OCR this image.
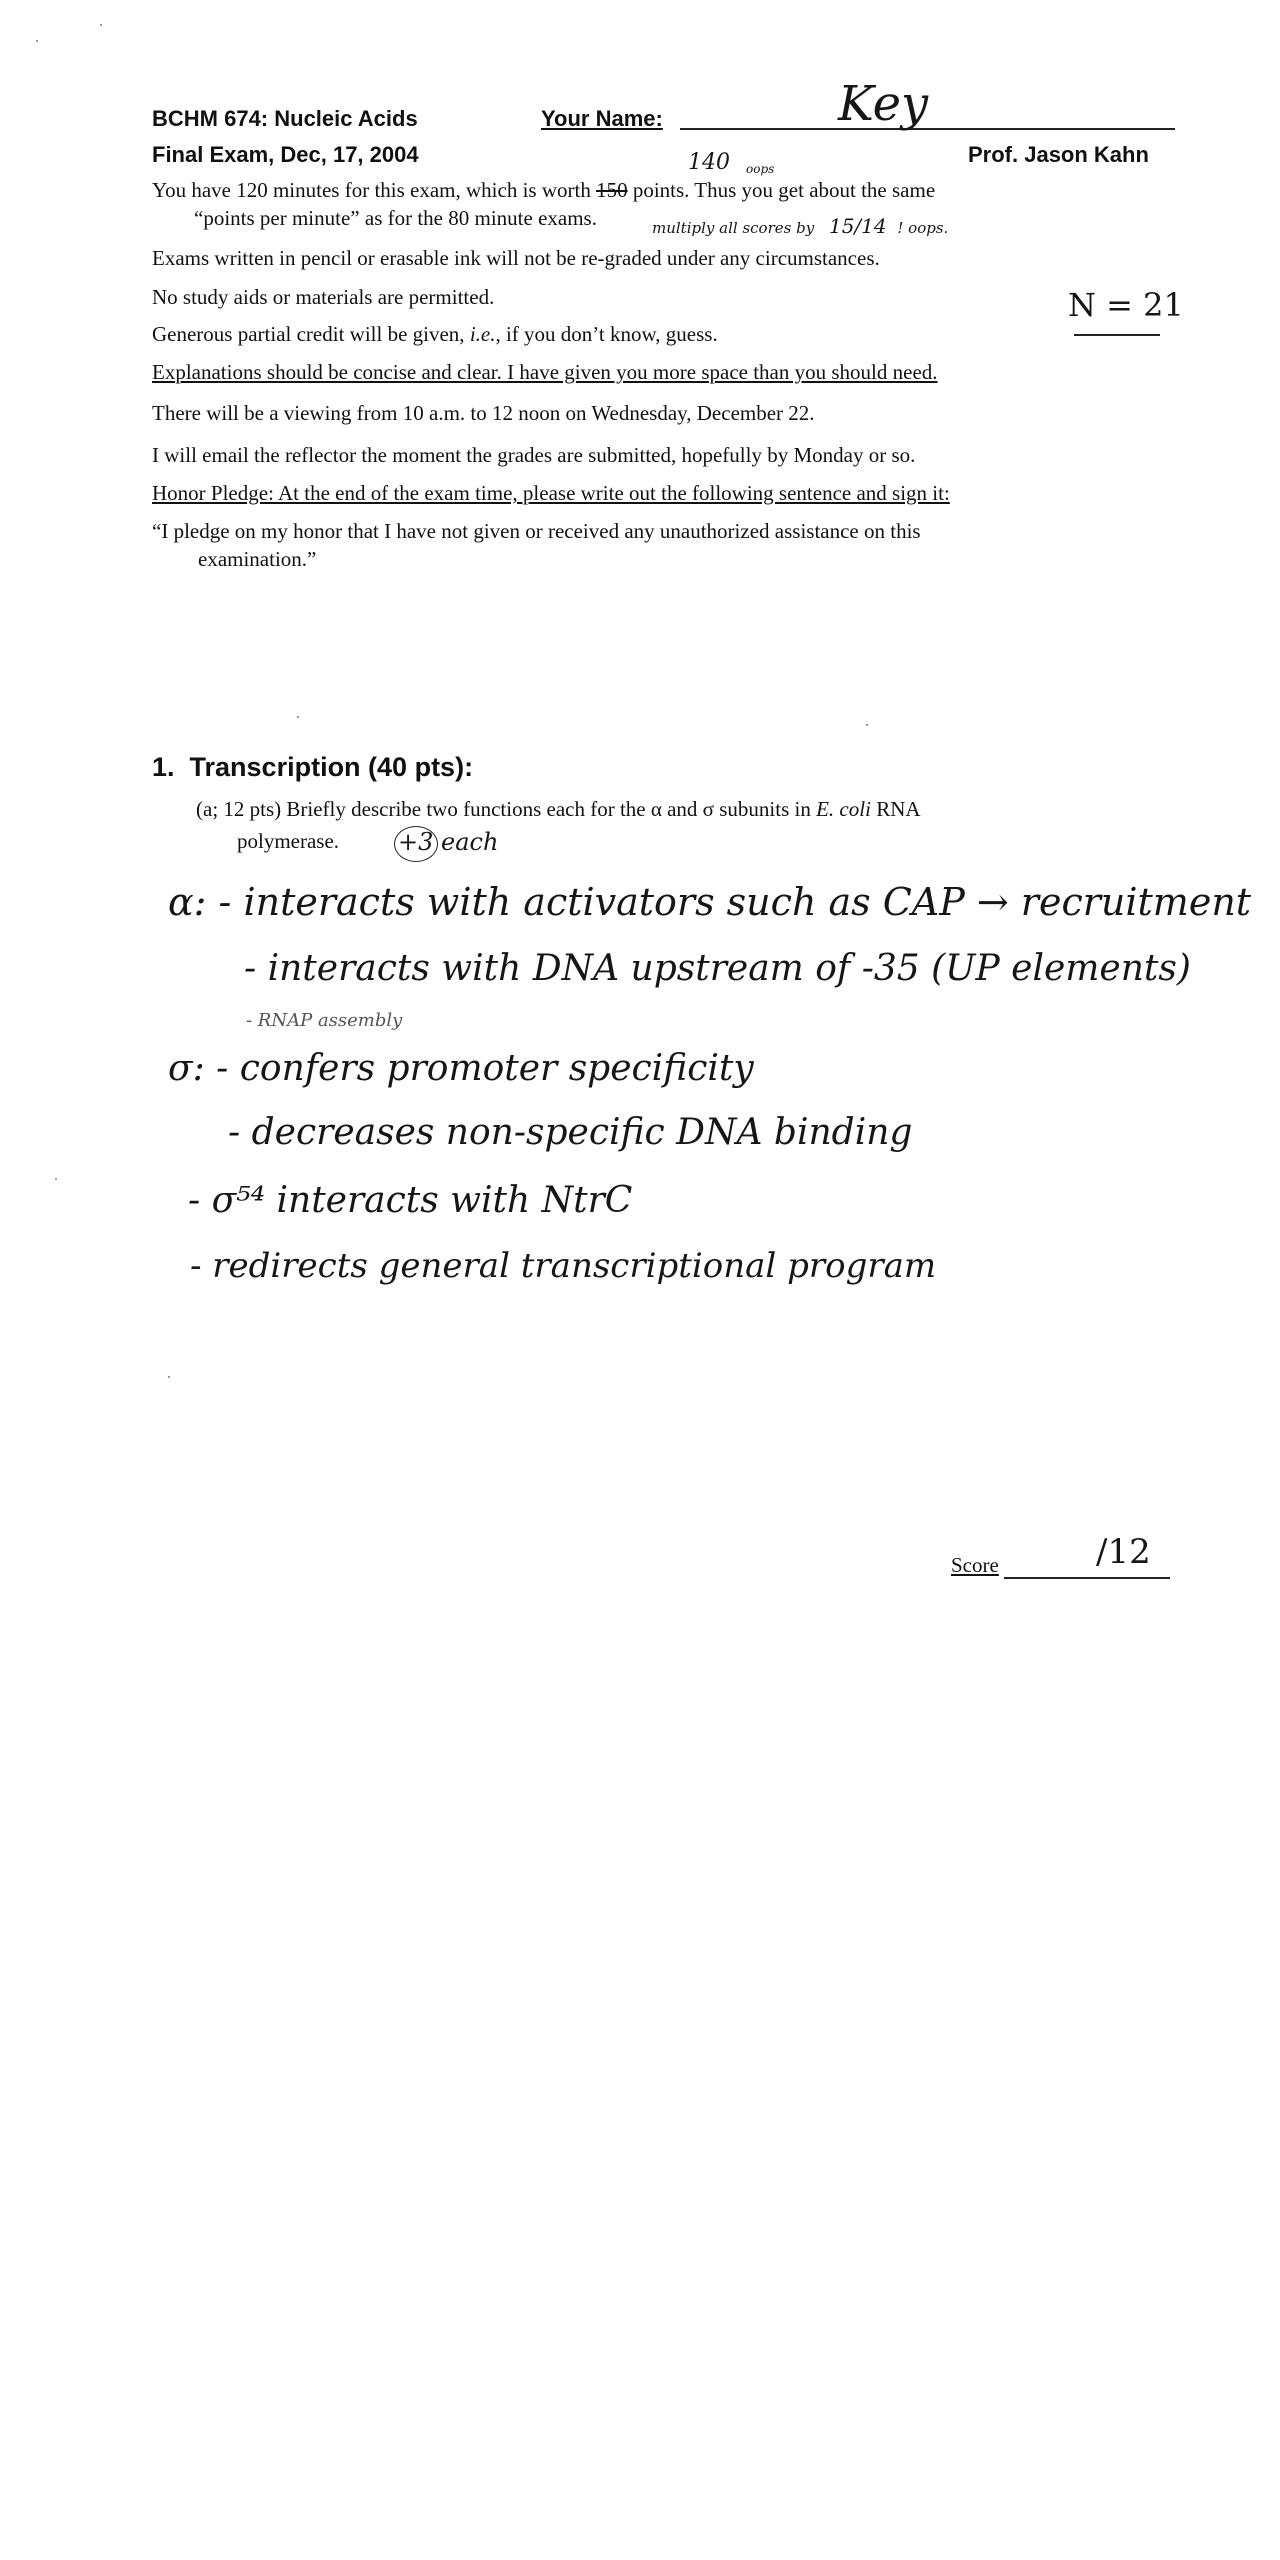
BCHM 674: Nucleic Acids
Final Exam, Dec, 17, 2004
Your Name:	Key
Prof. Jason Kahn
You have 120 minutes for this exam, which is worth 150 points. Thus you get about the same
140 oops
“points per minute” as for the 80 minute exams.	multiply all scores by 15/14 ! oops.
Exams written in pencil or erasable ink will not be re-graded under any circumstances.
No study aids or materials are permitted.	N = 21
Generous partial credit will be given, i.e., if you don’t know, guess.
Explanations should be concise and clear. I have given you more space than you should need.
There will be a viewing from 10 a.m. to 12 noon on Wednesday, December 22.
I will email the reflector the moment the grades are submitted, hopefully by Monday or so.
Honor Pledge: At the end of the exam time, please write out the following sentence and sign it:
“I pledge on my honor that I have not given or received any unauthorized assistance on this
examination.”
1.  Transcription (40 pts):
(a; 12 pts) Briefly describe two functions each for the α and σ subunits in E. coli RNA
polymerase. +3 each
α: - interacts with activators such as CAP → recruitment
- interacts with DNA upstream of -35 (UP elements)
- RNAP assembly
σ: - confers promoter specificity
- decreases non-specific DNA binding
- σ⁵⁴ interacts with NtrC
- redirects general transcriptional program
Score	/12
